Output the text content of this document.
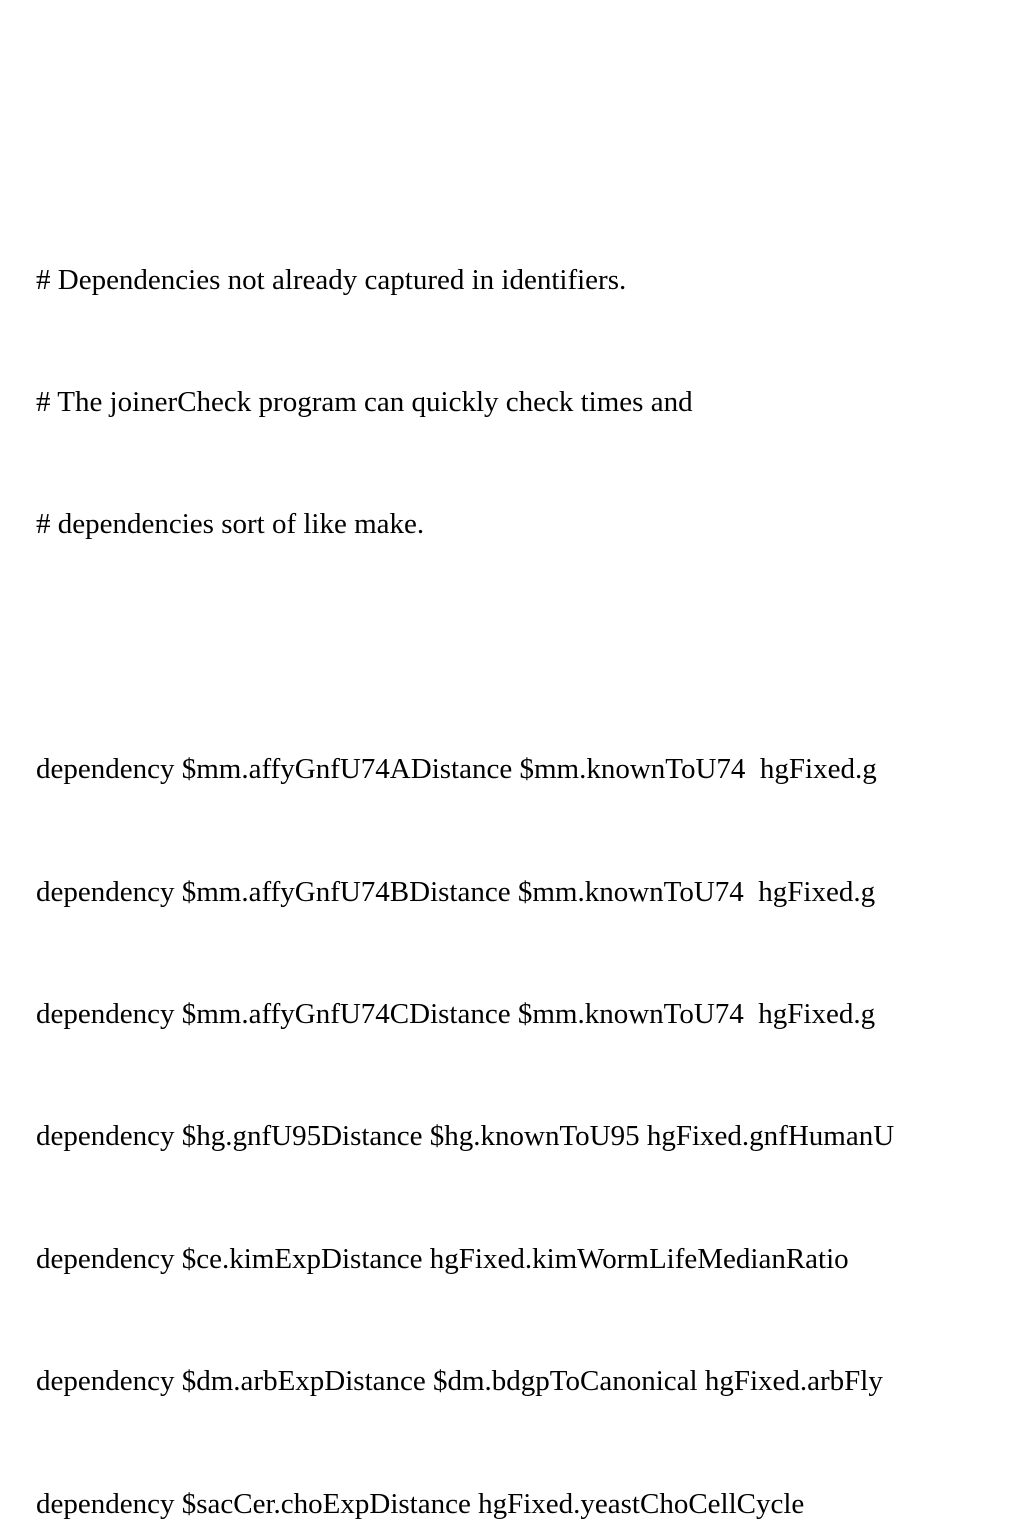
# Dependencies not already captured in identifiers.

# The joinerCheck program can quickly check times and

# dependencies sort of like make.

dependency $mm.affyGnfU74ADistance $mm.knownToU74  hgFixed.g

dependency $mm.affyGnfU74BDistance $mm.knownToU74  hgFixed.g

dependency $mm.affyGnfU74CDistance $mm.knownToU74  hgFixed.g

dependency $hg.gnfU95Distance $hg.knownToU95 hgFixed.gnfHumanU

dependency $ce.kimExpDistance hgFixed.kimWormLifeMedianRatio

dependency $dm.arbExpDistance $dm.bdgpToCanonical hgFixed.arbFly

dependency $sacCer.choExpDistance hgFixed.yeastChoCellCycle
